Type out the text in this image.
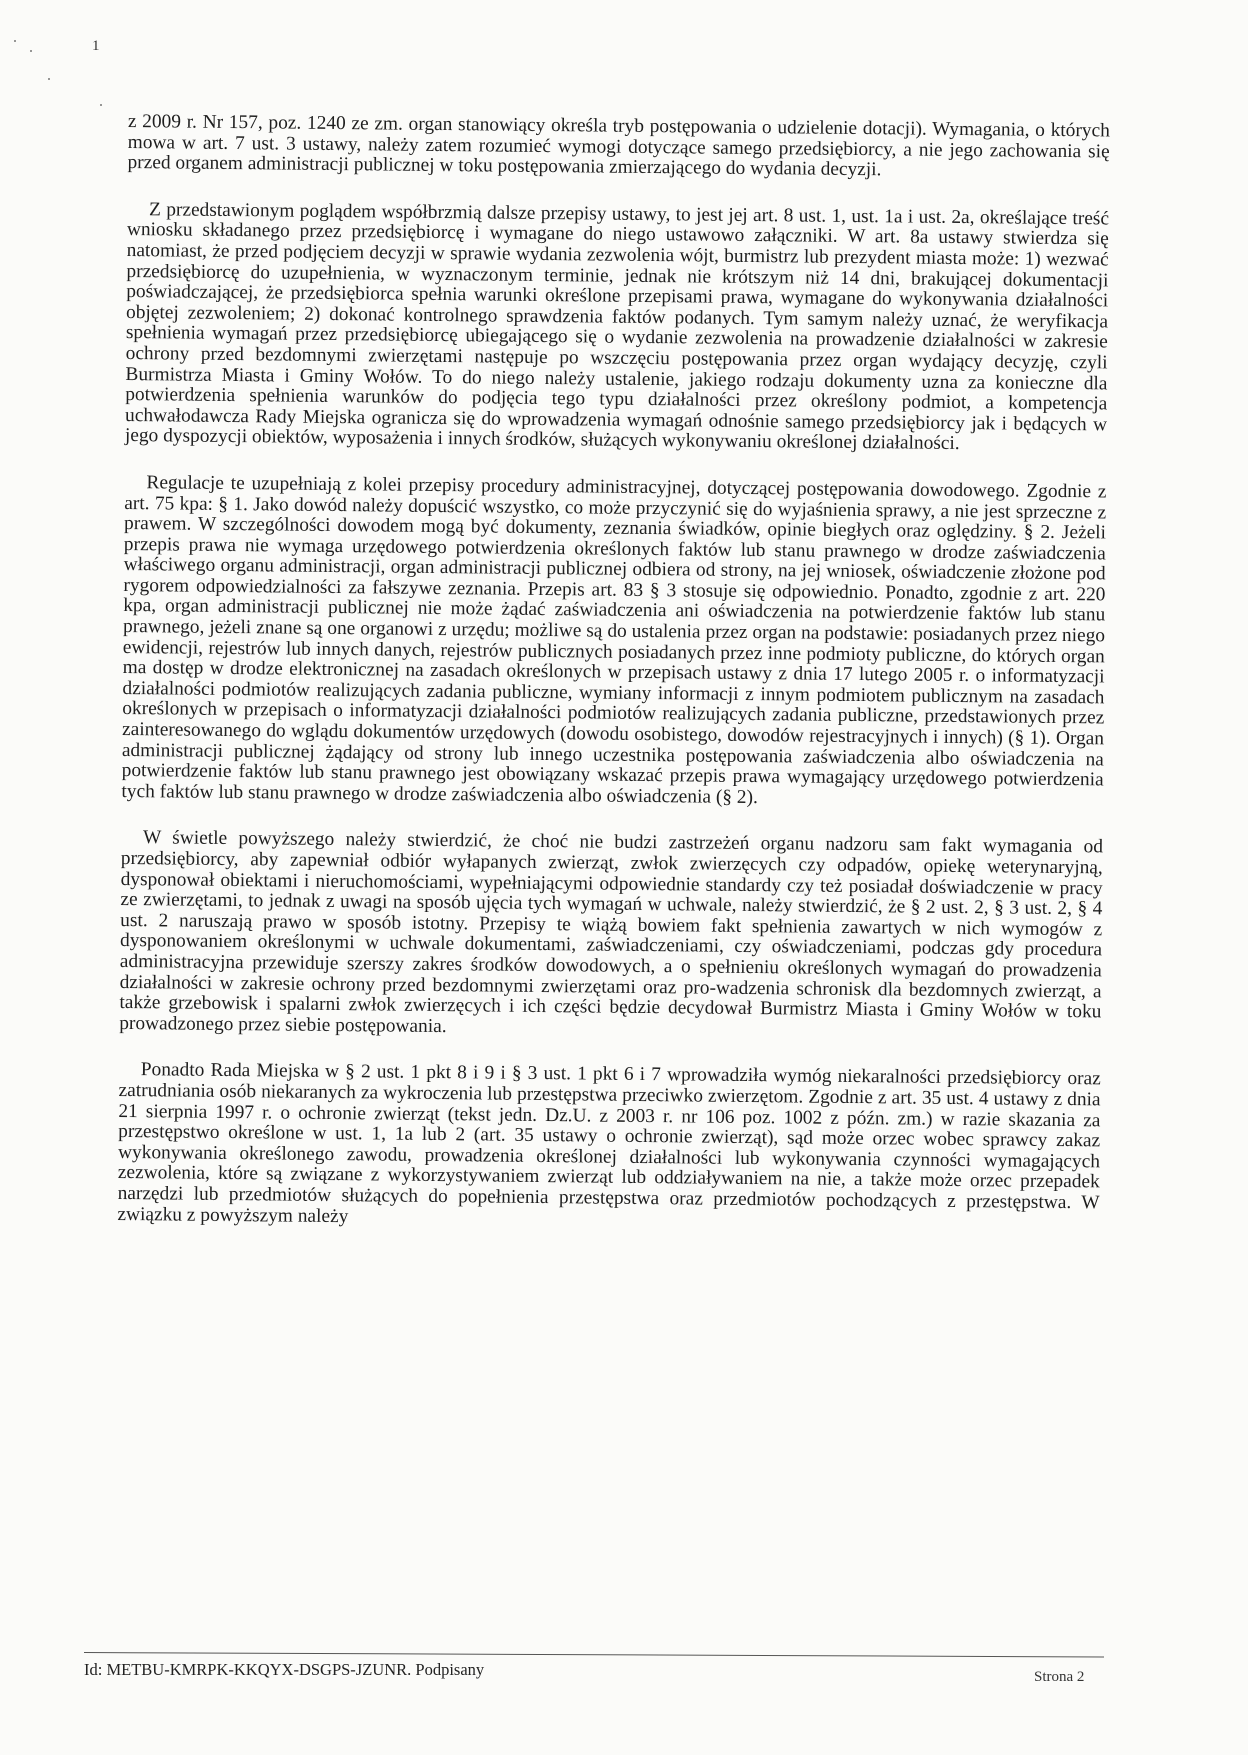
1

z 2009 r. Nr 157, poz. 1240 ze zm. organ stanowiący określa tryb postępowania o udzielenie dotacji). Wymagania, o których mowa w art. 7 ust. 3 ustawy, należy zatem rozumieć wymogi dotyczące samego przedsiębiorcy, a nie jego zachowania się przed organem administracji publicznej w toku postępowania zmierzającego do wydania decyzji.

Z przedstawionym poglądem współbrzmią dalsze przepisy ustawy, to jest jej art. 8 ust. 1, ust. 1a i ust. 2a, określające treść wniosku składanego przez przedsiębiorcę i wymagane do niego ustawowo załączniki. W art. 8a ustawy stwierdza się natomiast, że przed podjęciem decyzji w sprawie wydania zezwolenia wójt, burmistrz lub prezydent miasta może: 1) wezwać przedsiębiorcę do uzupełnienia, w wyznaczonym terminie, jednak nie krótszym niż 14 dni, brakującej dokumentacji poświadczającej, że przedsiębiorca spełnia warunki określone przepisami prawa, wymagane do wykonywania działalności objętej zezwoleniem; 2) dokonać kontrolnego sprawdzenia faktów podanych. Tym samym należy uznać, że weryfikacja spełnienia wymagań przez przedsiębiorcę ubiegającego się o wydanie zezwolenia na prowadzenie działalności w zakresie ochrony przed bezdomnymi zwierzętami następuje po wszczęciu postępowania przez organ wydający decyzję, czyli Burmistrza Miasta i Gminy Wołów. To do niego należy ustalenie, jakiego rodzaju dokumenty uzna za konieczne dla potwierdzenia spełnienia warunków do podjęcia tego typu działalności przez określony podmiot, a kompetencja uchwałodawcza Rady Miejska ogranicza się do wprowadzenia wymagań odnośnie samego przedsiębiorcy jak i będących w jego dyspozycji obiektów, wyposażenia i innych środków, służących wykonywaniu określonej działalności.

Regulacje te uzupełniają z kolei przepisy procedury administracyjnej, dotyczącej postępowania dowodowego. Zgodnie z art. 75 kpa: § 1. Jako dowód należy dopuścić wszystko, co może przyczynić się do wyjaśnienia sprawy, a nie jest sprzeczne z prawem. W szczególności dowodem mogą być dokumenty, zeznania świadków, opinie biegłych oraz oględziny. § 2. Jeżeli przepis prawa nie wymaga urzędowego potwierdzenia określonych faktów lub stanu prawnego w drodze zaświadczenia właściwego organu administracji, organ administracji publicznej odbiera od strony, na jej wniosek, oświadczenie złożone pod rygorem odpowiedzialności za fałszywe zeznania. Przepis art. 83 § 3 stosuje się odpowiednio. Ponadto, zgodnie z art. 220 kpa, organ administracji publicznej nie może żądać zaświadczenia ani oświadczenia na potwierdzenie faktów lub stanu prawnego, jeżeli znane są one organowi z urzędu; możliwe są do ustalenia przez organ na podstawie: posiadanych przez niego ewidencji, rejestrów lub innych danych, rejestrów publicznych posiadanych przez inne podmioty publiczne, do których organ ma dostęp w drodze elektronicznej na zasadach określonych w przepisach ustawy z dnia 17 lutego 2005 r. o informatyzacji działalności podmiotów realizujących zadania publiczne, wymiany informacji z innym podmiotem publicznym na zasadach określonych w przepisach o informatyzacji działalności podmiotów realizujących zadania publiczne, przedstawionych przez zainteresowanego do wglądu dokumentów urzędowych (dowodu osobistego, dowodów rejestracyjnych i innych) (§ 1). Organ administracji publicznej żądający od strony lub innego uczestnika postępowania zaświadczenia albo oświadczenia na potwierdzenie faktów lub stanu prawnego jest obowiązany wskazać przepis prawa wymagający urzędowego potwierdzenia tych faktów lub stanu prawnego w drodze zaświadczenia albo oświadczenia (§ 2).

W świetle powyższego należy stwierdzić, że choć nie budzi zastrzeżeń organu nadzoru sam fakt wymagania od przedsiębiorcy, aby zapewniał odbiór wyłapanych zwierząt, zwłok zwierzęcych czy odpadów, opiekę weterynaryjną, dysponował obiektami i nieruchomościami, wypełniającymi odpowiednie standardy czy też posiadał doświadczenie w pracy ze zwierzętami, to jednak z uwagi na sposób ujęcia tych wymagań w uchwale, należy stwierdzić, że § 2 ust. 2, § 3 ust. 2, § 4 ust. 2 naruszają prawo w sposób istotny. Przepisy te wiążą bowiem fakt spełnienia zawartych w nich wymogów z dysponowaniem określonymi w uchwale dokumentami, zaświadczeniami, czy oświadczeniami, podczas gdy procedura administracyjna przewiduje szerszy zakres środków dowodowych, a o spełnieniu określonych wymagań do prowadzenia działalności w zakresie ochrony przed bezdomnymi zwierzętami oraz pro-wadzenia schronisk dla bezdomnych zwierząt, a także grzebowisk i spalarni zwłok zwierzęcych i ich części będzie decydował Burmistrz Miasta i Gminy Wołów w toku prowadzonego przez siebie postępowania.

Ponadto Rada Miejska w § 2 ust. 1 pkt 8 i 9 i § 3 ust. 1 pkt 6 i 7 wprowadziła wymóg niekaralności przedsiębiorcy oraz zatrudniania osób niekaranych za wykroczenia lub przestępstwa przeciwko zwierzętom. Zgodnie z art. 35 ust. 4 ustawy z dnia 21 sierpnia 1997 r. o ochronie zwierząt (tekst jedn. Dz.U. z 2003 r. nr 106 poz. 1002 z późn. zm.) w razie skazania za przestępstwo określone w ust. 1, 1a lub 2 (art. 35 ustawy o ochronie zwierząt), sąd może orzec wobec sprawcy zakaz wykonywania określonego zawodu, prowadzenia określonej działalności lub wykonywania czynności wymagających zezwolenia, które są związane z wykorzystywaniem zwierząt lub oddziaływaniem na nie, a także może orzec przepadek narzędzi lub przedmiotów służących do popełnienia przestępstwa oraz przedmiotów pochodzących z przestępstwa. W związku z powyższym należy

Id: METBU-KMRPK-KKQYX-DSGPS-JZUNR. Podpisany	Strona 2
